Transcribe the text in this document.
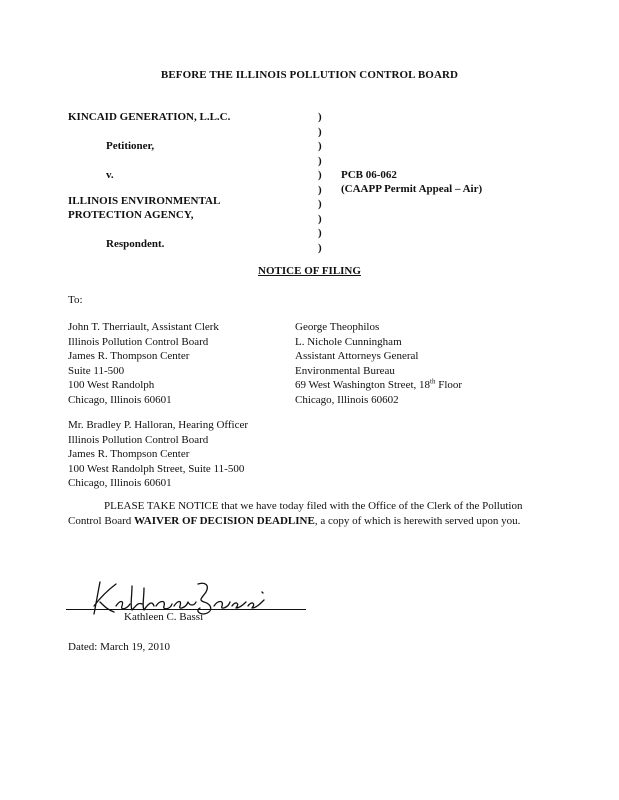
BEFORE THE ILLINOIS POLLUTION CONTROL BOARD
KINCAID GENERATION, L.L.C.
Petitioner,
v.
ILLINOIS ENVIRONMENTAL
PROTECTION AGENCY,
Respondent.
)
)
)
)
)
)
)
)
)
)
PCB 06-062
(CAAPP Permit Appeal – Air)
NOTICE OF FILING
To:
John T. Therriault, Assistant Clerk
Illinois Pollution Control Board
James R. Thompson Center
Suite 11-500
100 West Randolph
Chicago, Illinois 60601
George Theophilos
L. Nichole Cunningham
Assistant Attorneys General
Environmental Bureau
69 West Washington Street, 18th Floor
Chicago, Illinois 60602
Mr. Bradley P. Halloran, Hearing Officer
Illinois Pollution Control Board
James R. Thompson Center
100 West Randolph Street, Suite 11-500
Chicago, Illinois 60601
PLEASE TAKE NOTICE that we have today filed with the Office of the Clerk of the Pollution Control Board WAIVER OF DECISION DEADLINE, a copy of which is herewith served upon you.
Kathleen C. Bassi
Dated: March 19, 2010
